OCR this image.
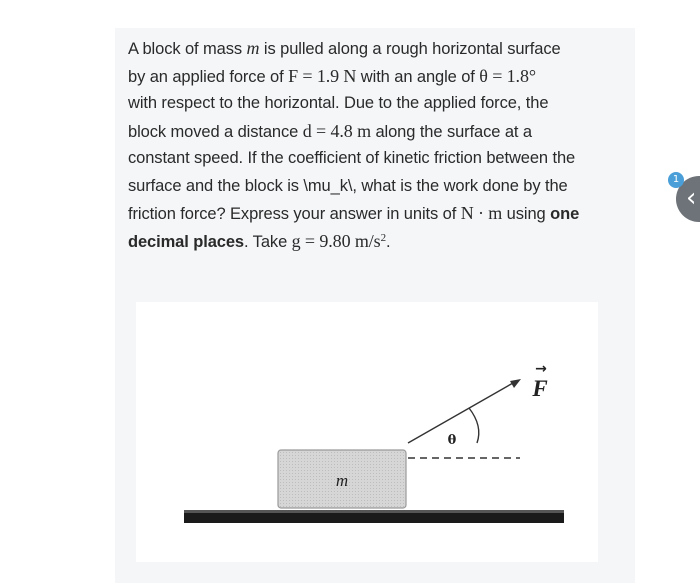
A block of mass m is pulled along a rough horizontal surface
by an applied force of F = 1.9 N with an angle of θ = 1.8°
with respect to the horizontal. Due to the applied force, the
block moved a distance d = 4.8 m along the surface at a
constant speed. If the coefficient of kinetic friction between the
surface and the block is \mu_k\, what is the work done by the
friction force? Express your answer in units of N · m using one
decimal places. Take g = 9.80 $m/s^2$.
m
θ
F
→
‹
1
